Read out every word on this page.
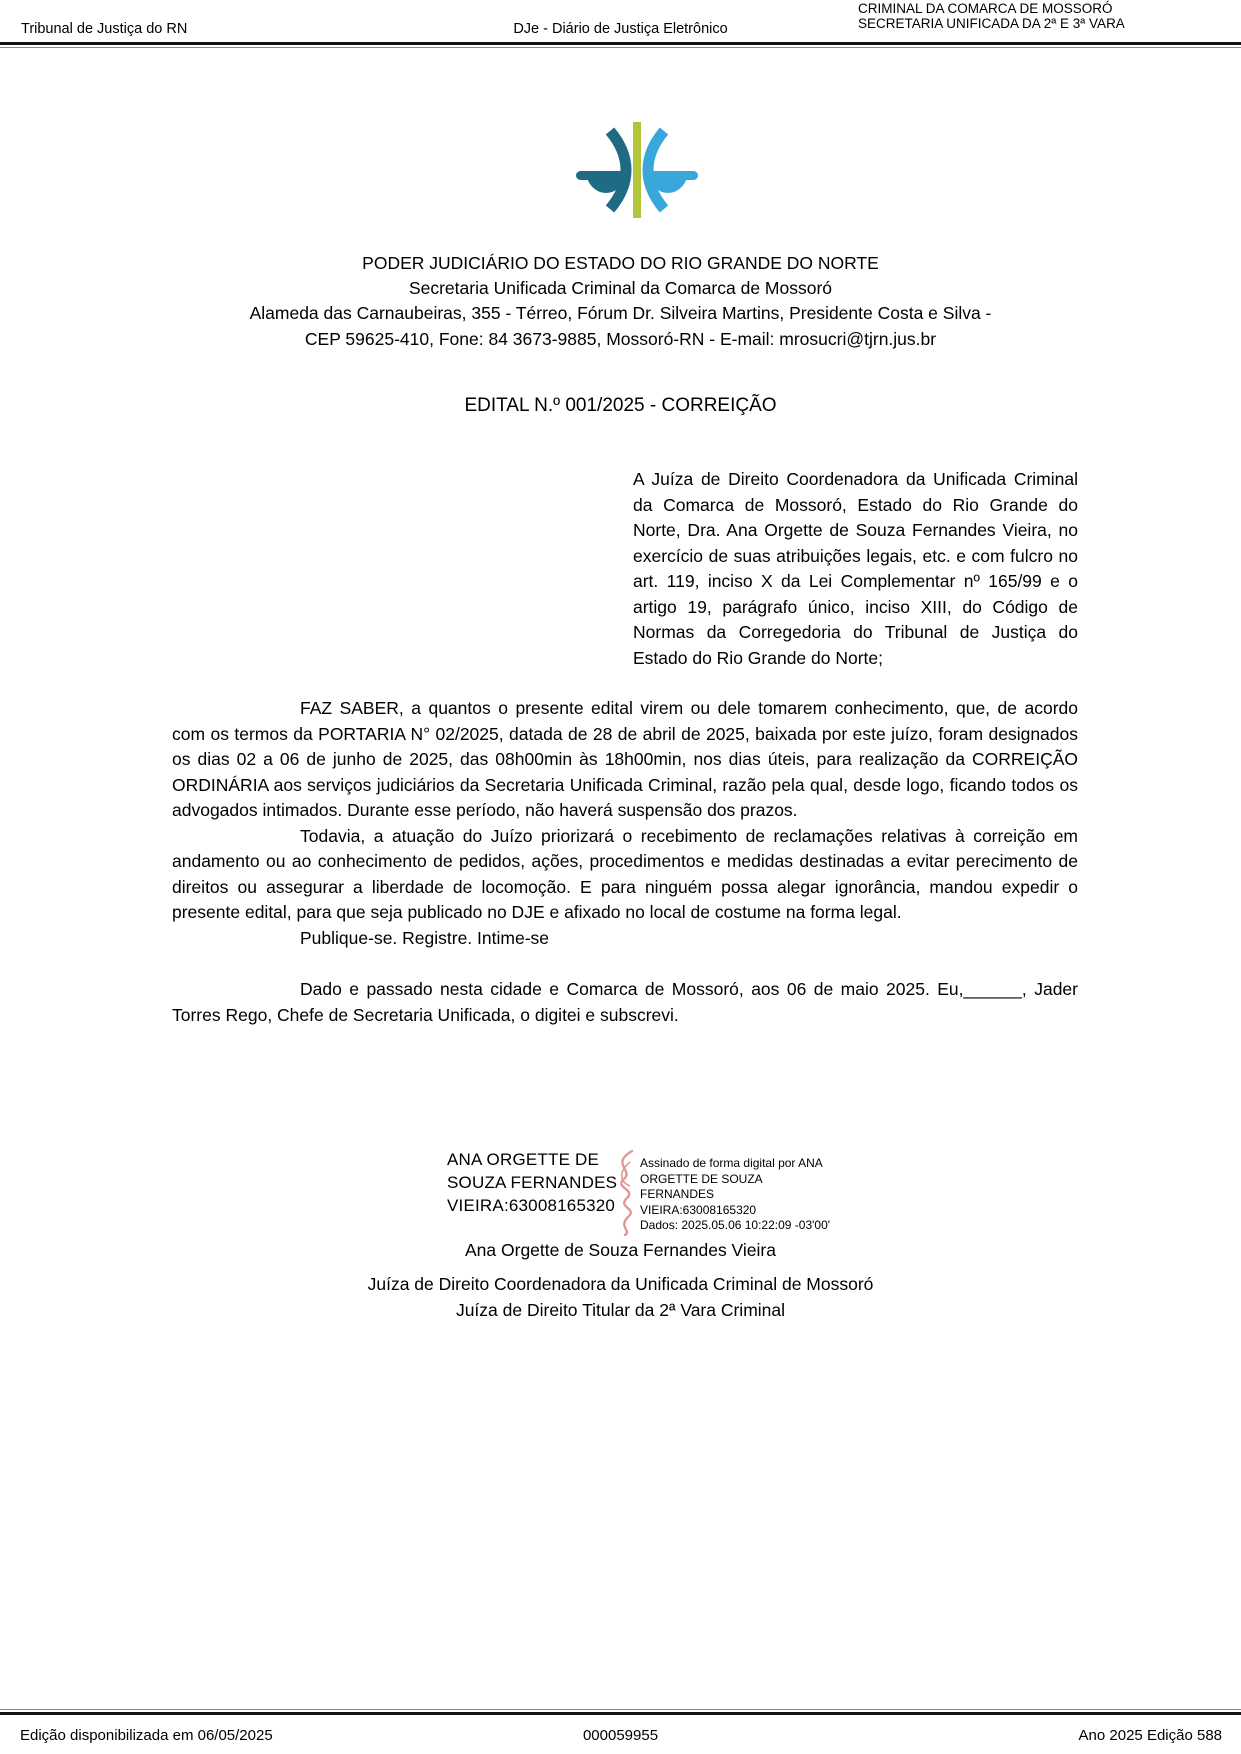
Tribunal de Justiça do RN	DJe - Diário de Justiça Eletrônico
CRIMINAL DA COMARCA DE MOSSORÓ
SECRETARIA UNIFICADA DA 2ª E 3ª VARA
PODER JUDICIÁRIO DO ESTADO DO RIO GRANDE DO NORTE
Secretaria Unificada Criminal da Comarca de Mossoró
Alameda das Carnaubeiras, 355 - Térreo, Fórum Dr. Silveira Martins, Presidente Costa e Silva -
CEP 59625-410, Fone: 84 3673-9885, Mossoró-RN - E-mail: mrosucri@tjrn.jus.br
EDITAL N.º 001/2025 - CORREIÇÃO
A Juíza de Direito Coordenadora da Unificada Criminal da Comarca de Mossoró, Estado do Rio Grande do Norte, Dra. Ana Orgette de Souza Fernandes Vieira, no exercício de suas atribuições legais, etc. e com fulcro no art. 119, inciso X da Lei Complementar nº 165/99 e o artigo 19, parágrafo único, inciso XIII, do Código de Normas da Corregedoria do Tribunal de Justiça do Estado do Rio Grande do Norte;

FAZ SABER, a quantos o presente edital virem ou dele tomarem conhecimento, que, de acordo com os termos da PORTARIA N° 02/2025, datada de 28 de abril de 2025, baixada por este juízo, foram designados os dias 02 a 06 de junho de 2025, das 08h00min às 18h00min, nos dias úteis, para realização da CORREIÇÃO ORDINÁRIA aos serviços judiciários da Secretaria Unificada Criminal, razão pela qual, desde logo, ficando todos os advogados intimados. Durante esse período, não haverá suspensão dos prazos.

Todavia, a atuação do Juízo priorizará o recebimento de reclamações relativas à correição em andamento ou ao conhecimento de pedidos, ações, procedimentos e medidas destinadas a evitar perecimento de direitos ou assegurar a liberdade de locomoção. E para ninguém possa alegar ignorância, mandou expedir o presente edital, para que seja publicado no DJE e afixado no local de costume na forma legal.

Publique-se. Registre. Intime-se

Dado e passado nesta cidade e Comarca de Mossoró, aos 06 de maio 2025. Eu,______, Jader Torres Rego, Chefe de Secretaria Unificada, o digitei e subscrevi.

ANA ORGETTE DE SOUZA FERNANDES VIEIRA:63008165320
Assinado de forma digital por ANA ORGETTE DE SOUZA FERNANDES VIEIRA:63008165320
Dados: 2025.05.06 10:22:09 -03'00'
Ana Orgette de Souza Fernandes Vieira
Juíza de Direito Coordenadora da Unificada Criminal de Mossoró
Juíza de Direito Titular da 2ª Vara Criminal
Edição disponibilizada em 06/05/2025	000059955	Ano 2025 Edição 588
